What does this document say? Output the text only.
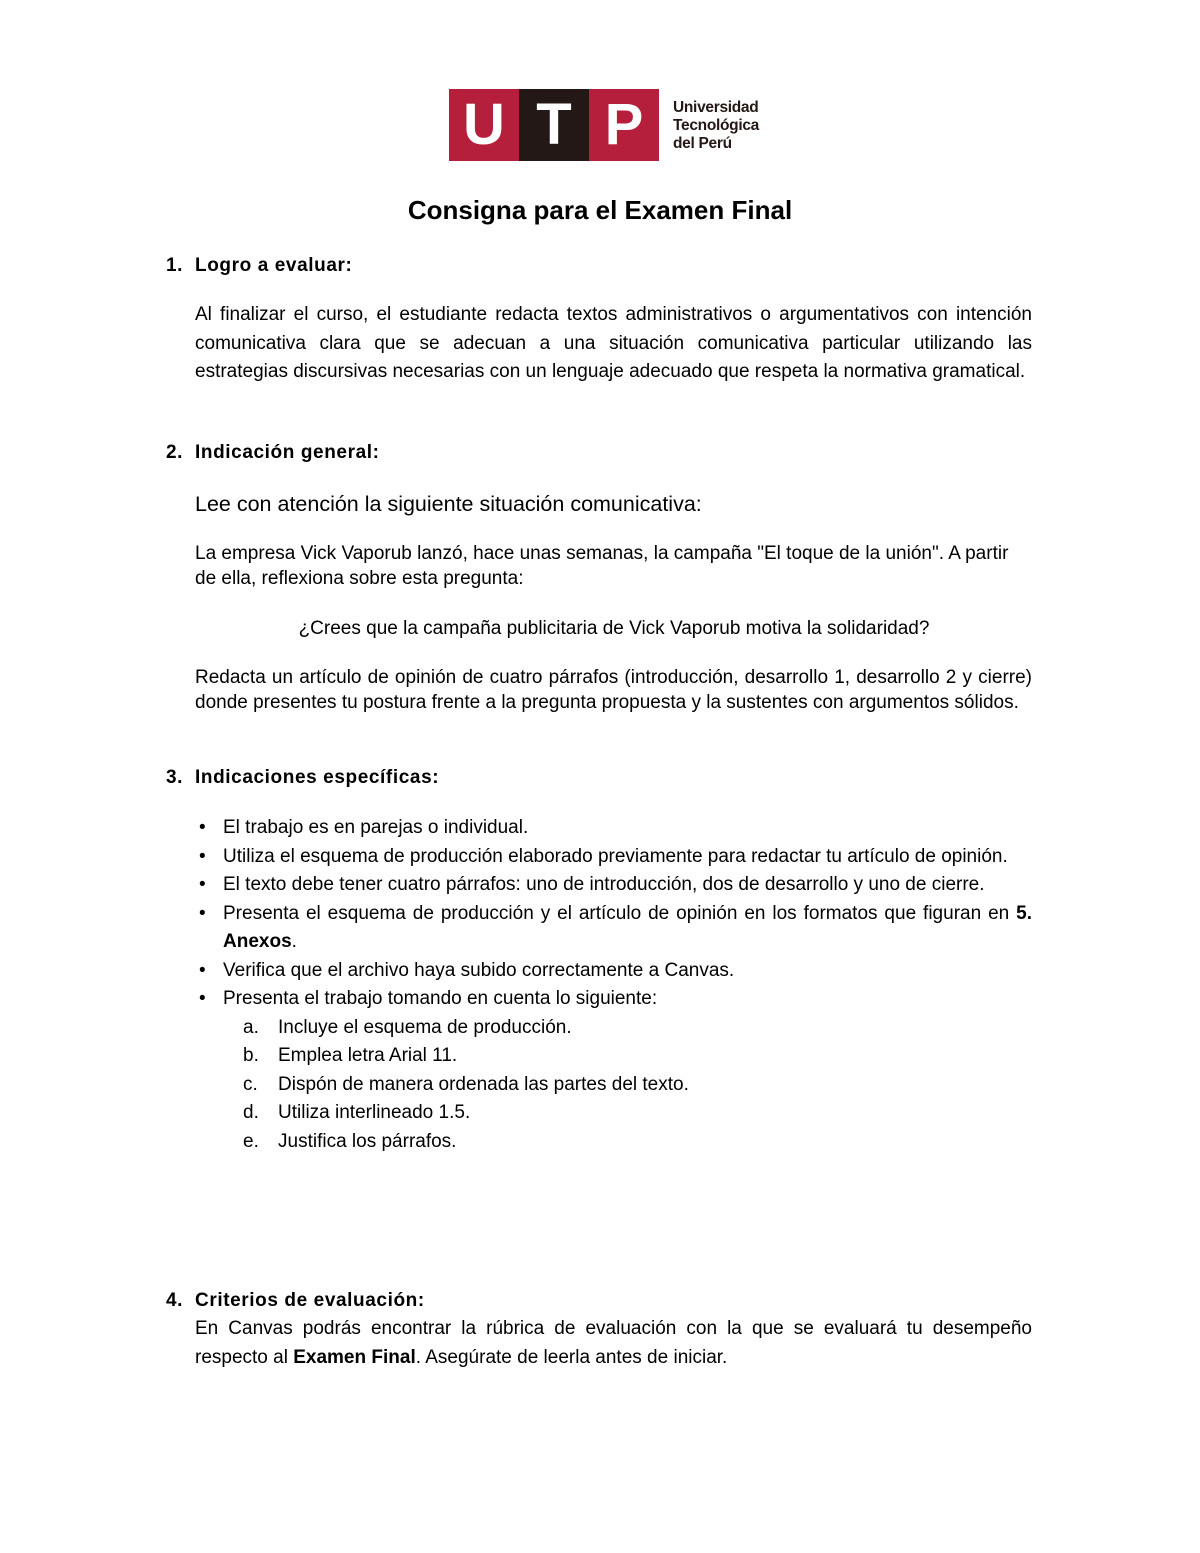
U T P	Universidad
Tecnológica
del Perú
Consigna para el Examen Final
1. Logro a evaluar:
Al finalizar el curso, el estudiante redacta textos administrativos o argumentativos con intención comunicativa clara que se adecuan a una situación comunicativa particular utilizando las estrategias discursivas necesarias con un lenguaje adecuado que respeta la normativa gramatical.
2. Indicación general:
Lee con atención la siguiente situación comunicativa:
La empresa Vick Vaporub lanzó, hace unas semanas, la campaña "El toque de la unión". A partir de ella, reflexiona sobre esta pregunta:
¿Crees que la campaña publicitaria de Vick Vaporub motiva la solidaridad?
Redacta un artículo de opinión de cuatro párrafos (introducción, desarrollo 1, desarrollo 2 y cierre) donde presentes tu postura frente a la pregunta propuesta y la sustentes con argumentos sólidos.
3. Indicaciones específicas:
• El trabajo es en parejas o individual.
• Utiliza el esquema de producción elaborado previamente para redactar tu artículo de opinión.
• El texto debe tener cuatro párrafos: uno de introducción, dos de desarrollo y uno de cierre.
• Presenta el esquema de producción y el artículo de opinión en los formatos que figuran en 5. Anexos.
• Verifica que el archivo haya subido correctamente a Canvas.
• Presenta el trabajo tomando en cuenta lo siguiente:
a. Incluye el esquema de producción.
b. Emplea letra Arial 11.
c. Dispón de manera ordenada las partes del texto.
d. Utiliza interlineado 1.5.
e. Justifica los párrafos.
4. Criterios de evaluación:
En Canvas podrás encontrar la rúbrica de evaluación con la que se evaluará tu desempeño respecto al Examen Final. Asegúrate de leerla antes de iniciar.
